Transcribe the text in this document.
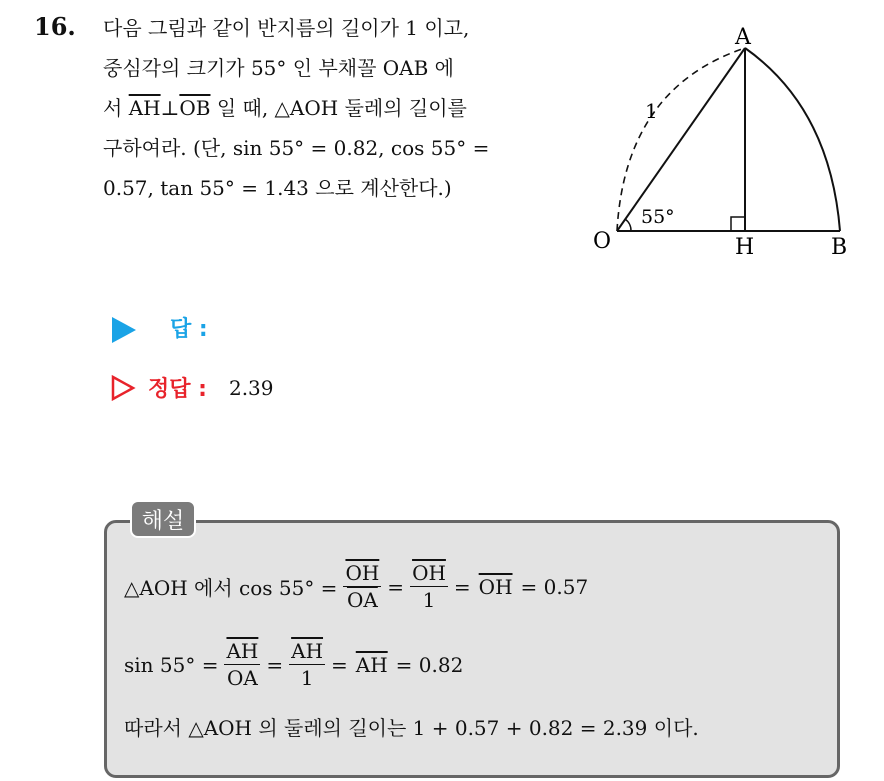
16. 다음 그림과 같이 반지름의 길이가 1 이고,
중심각의 크기가 55° 인 부채꼴 OAB 에
서 $\overline{AH}\perp\overline{OB}$ 일 때, △AOH 둘레의 길이를
구하여라. (단, sin 55° = 0.82, cos 55° =
0.57, tan 55° = 1.43 으로 계산한다.)
A
O	H	B
1
55°
답 :
정답 : 2.39
해설
△AOH 에서 $\cos 55^\circ = \frac{\overline{OH}}{OA} = \frac{\overline{OH}}{1} = \overline{OH} = 0.57$
$\sin 55^\circ = \frac{\overline{AH}}{OA} = \frac{\overline{AH}}{1} = \overline{AH} = 0.82$
따라서 △AOH 의 둘레의 길이는 1 + 0.57 + 0.82 = 2.39 이다.
